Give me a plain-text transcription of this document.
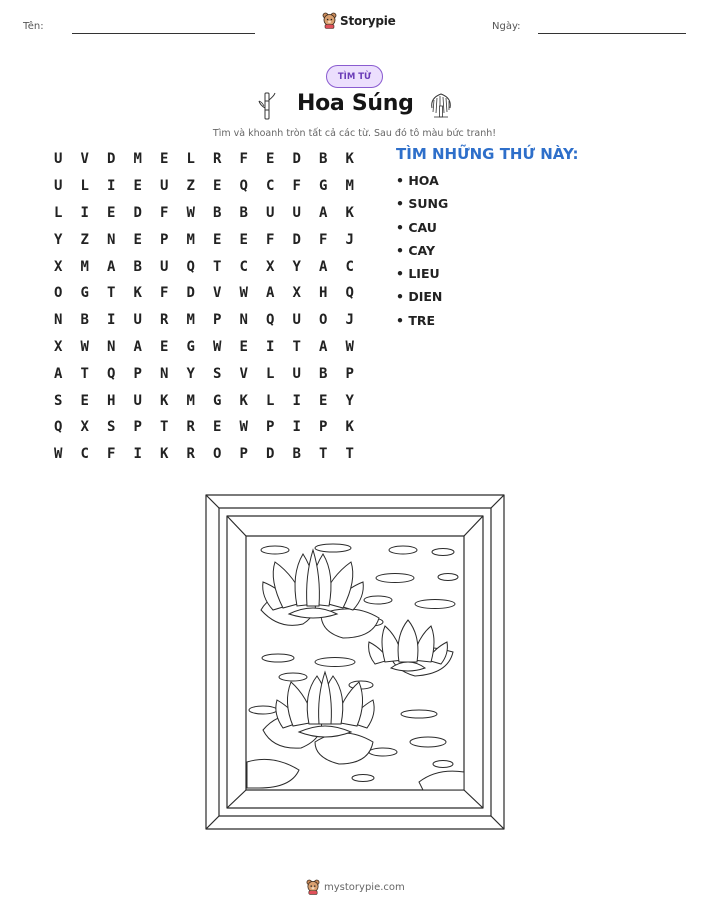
Tên:	Storypie	Ngày:
TÌM TỪ
Hoa Súng
Tìm và khoanh tròn tất cả các từ. Sau đó tô màu bức tranh!
U	V	D	M	E	L	R	F	E	D	B	K
U	L	I	E	U	Z	E	Q	C	F	G	M
L	I	E	D	F	W	B	B	U	U	A	K
Y	Z	N	E	P	M	E	E	F	D	F	J
X	M	A	B	U	Q	T	C	X	Y	A	C
O	G	T	K	F	D	V	W	A	X	H	Q
N	B	I	U	R	M	P	N	Q	U	O	J
X	W	N	A	E	G	W	E	I	T	A	W
A	T	Q	P	N	Y	S	V	L	U	B	P
S	E	H	U	K	M	G	K	L	I	E	Y
Q	X	S	P	T	R	E	W	P	I	P	K
W	C	F	I	K	R	O	P	D	B	T	T
TÌM NHỮNG THỨ NÀY:
• HOA
• SUNG
• CAU
• CAY
• LIEU
• DIEN
• TRE
mystorypie.com
